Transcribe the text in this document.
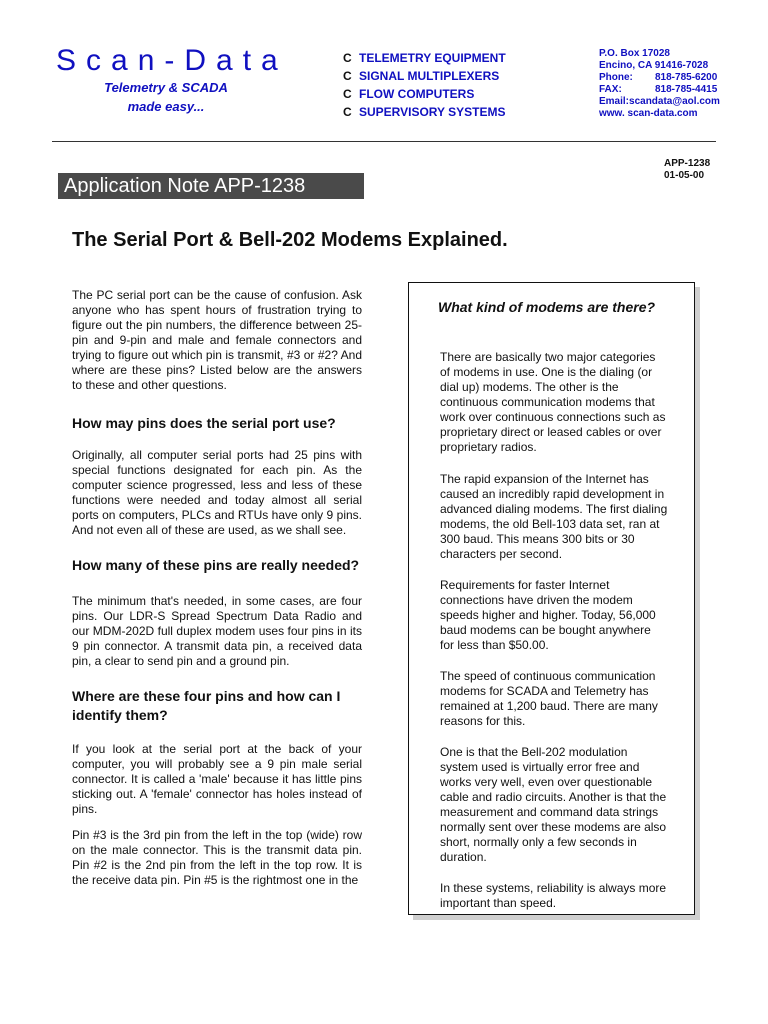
Scan-Data
Telemetry & SCADA
made easy...
C TELEMETRY EQUIPMENT
C SIGNAL MULTIPLEXERS
C FLOW COMPUTERS
C SUPERVISORY SYSTEMS
P.O. Box 17028
Encino, CA 91416-7028
Phone:	818-785-6200
FAX:	818-785-4415
Email:scandata@aol.com
www. scan-data.com
APP-1238
01-05-00
Application Note APP-1238
The Serial Port & Bell-202 Modems Explained.

The PC serial port can be the cause of confusion. Ask anyone who has spent hours of frustration trying to figure out the pin numbers, the difference between 25-pin and 9-pin and male and female connectors and trying to figure out which pin is transmit, #3 or #2? And where are these pins? Listed below are the answers to these and other questions.

How may pins does the serial port use?

Originally, all computer serial ports had 25 pins with special functions designated for each pin. As the computer science progressed, less and less of these functions were needed and today almost all serial ports on computers, PLCs and RTUs have only 9 pins. And not even all of these are used, as we shall see.

How many of these pins are really needed?

The minimum that's needed, in some cases, are four pins. Our LDR-S Spread Spectrum Data Radio and our MDM-202D full duplex modem uses four pins in its 9 pin connector. A transmit data pin, a received data pin, a clear to send pin and a ground pin.

Where are these four pins and how can I identify them?

If you look at the serial port at the back of your computer, you will probably see a 9 pin male serial connector. It is called a 'male' because it has little pins sticking out. A 'female' connector has holes instead of pins.

Pin #3 is the 3rd pin from the left in the top (wide) row on the male connector. This is the transmit data pin. Pin #2 is the 2nd pin from the left in the top row. It is the receive data pin. Pin #5 is the rightmost one in the

What kind of modems are there?

There are basically two major categories of modems in use. One is the dialing (or dial up) modems. The other is the continuous communication modems that work over continuous connections such as proprietary direct or leased cables or over proprietary radios.

The rapid expansion of the Internet has caused an incredibly rapid development in advanced dialing modems. The first dialing modems, the old Bell-103 data set, ran at 300 baud. This means 300 bits or 30 characters per second.

Requirements for faster Internet connections have driven the modem speeds higher and higher. Today, 56,000 baud modems can be bought anywhere for less than $50.00.

The speed of continuous communication modems for SCADA and Telemetry has remained at 1,200 baud. There are many reasons for this.

One is that the Bell-202 modulation system used is virtually error free and works very well, even over questionable cable and radio circuits. Another is that the measurement and command data strings normally sent over these modems are also short, normally only a few seconds in duration.

In these systems, reliability is always more important than speed.
